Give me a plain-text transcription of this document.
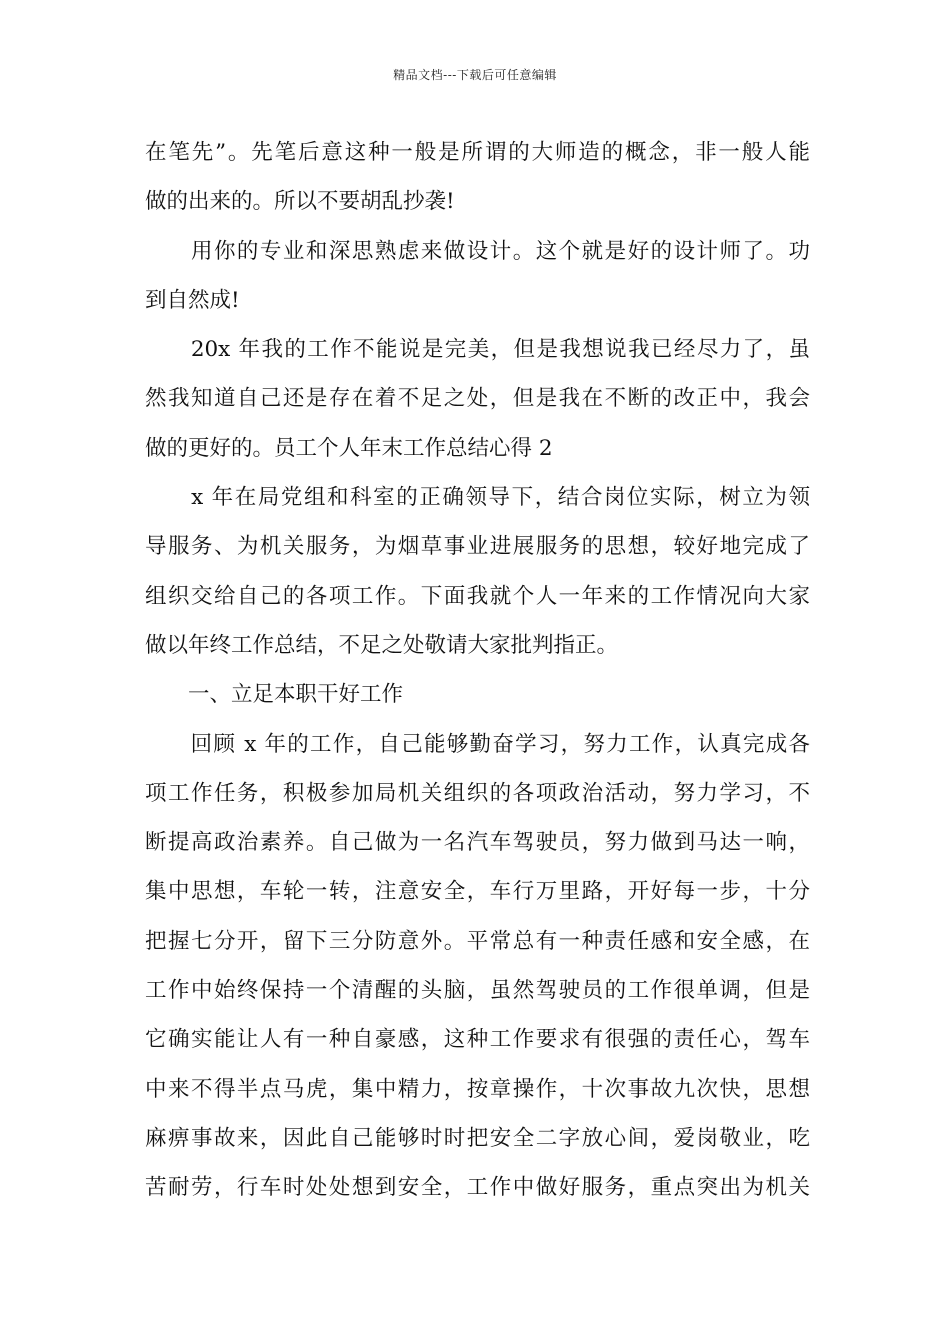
精品文档---下载后可任意编辑
在笔先”。先笔后意这种一般是所谓的大师造的概念，非一般人能
做的出来的。所以不要胡乱抄袭!
　　用你的专业和深思熟虑来做设计。这个就是好的设计师了。功
到自然成!
　　20x 年我的工作不能说是完美，但是我想说我已经尽力了，虽
然我知道自己还是存在着不足之处，但是我在不断的改正中，我会
做的更好的。员工个人年末工作总结心得 2
　　x 年在局党组和科室的正确领导下，结合岗位实际，树立为领
导服务、为机关服务，为烟草事业进展服务的思想，较好地完成了
组织交给自己的各项工作。下面我就个人一年来的工作情况向大家
做以年终工作总结，不足之处敬请大家批判指正。
　　一、立足本职干好工作
　　回顾 x 年的工作，自己能够勤奋学习，努力工作，认真完成各
项工作任务，积极参加局机关组织的各项政治活动，努力学习，不
断提高政治素养。自己做为一名汽车驾驶员，努力做到马达一响，
集中思想，车轮一转，注意安全，车行万里路，开好每一步，十分
把握七分开，留下三分防意外。平常总有一种责任感和安全感，在
工作中始终保持一个清醒的头脑，虽然驾驶员的工作很单调，但是
它确实能让人有一种自豪感，这种工作要求有很强的责任心，驾车
中来不得半点马虎，集中精力，按章操作，十次事故九次快，思想
麻痹事故来，因此自己能够时时把安全二字放心间，爱岗敬业，吃
苦耐劳，行车时处处想到安全，工作中做好服务，重点突出为机关
